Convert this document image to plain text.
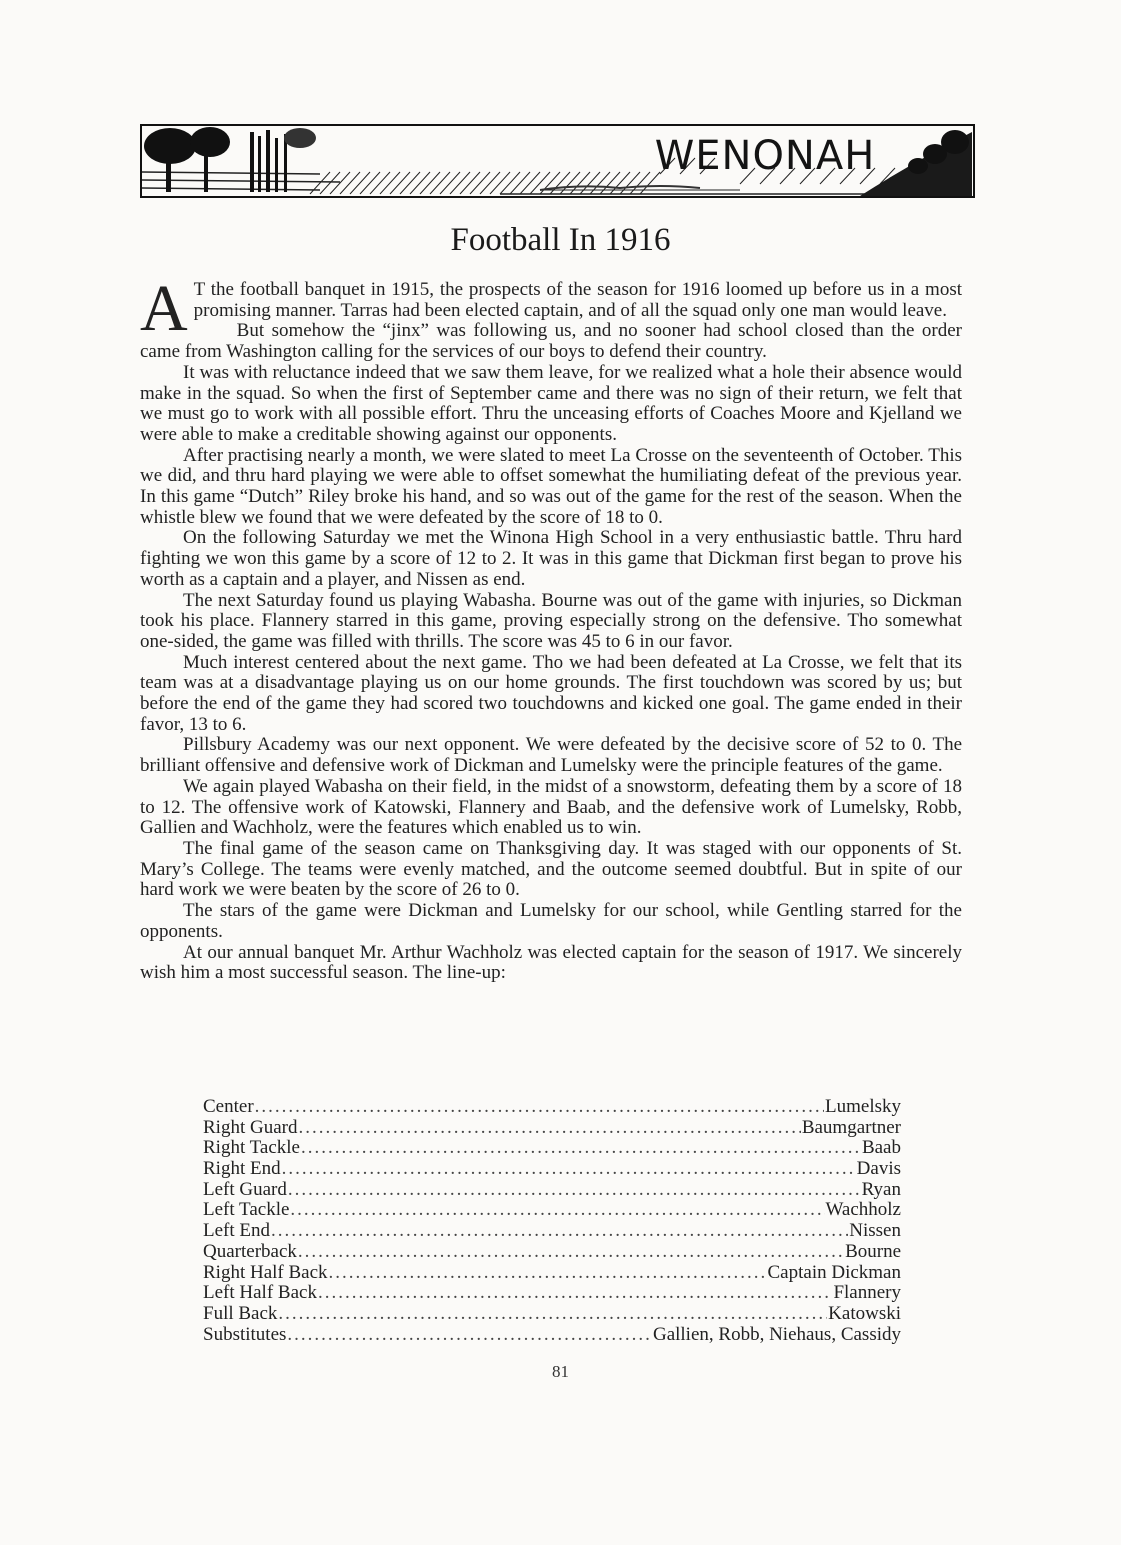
WENONAH
Football In 1916

A T the football banquet in 1915, the prospects of the season for 1916 loomed up before us in a most promising manner. Tarras had been elected captain, and of all the squad only one man would leave.

But somehow the “jinx” was following us, and no sooner had school closed than the order came from Washington calling for the services of our boys to defend their country.

It was with reluctance indeed that we saw them leave, for we realized what a hole their absence would make in the squad. So when the first of September came and there was no sign of their return, we felt that we must go to work with all possible effort. Thru the unceasing efforts of Coaches Moore and Kjelland we were able to make a creditable showing against our opponents.

After practising nearly a month, we were slated to meet La Crosse on the seventeenth of October. This we did, and thru hard playing we were able to offset somewhat the humiliating defeat of the previous year. In this game “Dutch” Riley broke his hand, and so was out of the game for the rest of the season. When the whistle blew we found that we were defeated by the score of 18 to 0.

On the following Saturday we met the Winona High School in a very enthusiastic battle. Thru hard fighting we won this game by a score of 12 to 2. It was in this game that Dickman first began to prove his worth as a captain and a player, and Nissen as end.

The next Saturday found us playing Wabasha. Bourne was out of the game with injuries, so Dickman took his place. Flannery starred in this game, proving especially strong on the defensive. Tho somewhat one-sided, the game was filled with thrills. The score was 45 to 6 in our favor.

Much interest centered about the next game. Tho we had been defeated at La Crosse, we felt that its team was at a disadvantage playing us on our home grounds. The first touchdown was scored by us; but before the end of the game they had scored two touchdowns and kicked one goal. The game ended in their favor, 13 to 6.

Pillsbury Academy was our next opponent. We were defeated by the decisive score of 52 to 0. The brilliant offensive and defensive work of Dickman and Lumelsky were the principle features of the game.

We again played Wabasha on their field, in the midst of a snowstorm, defeating them by a score of 18 to 12. The offensive work of Katowski, Flannery and Baab, and the defensive work of Lumelsky, Robb, Gallien and Wachholz, were the features which enabled us to win.

The final game of the season came on Thanksgiving day. It was staged with our opponents of St. Mary’s College. The teams were evenly matched, and the outcome seemed doubtful. But in spite of our hard work we were beaten by the score of 26 to 0.

The stars of the game were Dickman and Lumelsky for our school, while Gentling starred for the opponents.

At our annual banquet Mr. Arthur Wachholz was elected captain for the season of 1917. We sincerely wish him a most successful season. The line-up:

Center .....	Lumelsky
Right Guard .....	Baumgartner
Right Tackle .....	Baab
Right End .....	Davis
Left Guard .....	Ryan
Left Tackle .....	Wachholz
Left End .....	Nissen
Quarterback .....	Bourne
Right Half Back .....	Captain Dickman
Left Half Back .....	Flannery
Full Back .....	Katowski
Substitutes .....	Gallien, Robb, Niehaus, Cassidy
81
